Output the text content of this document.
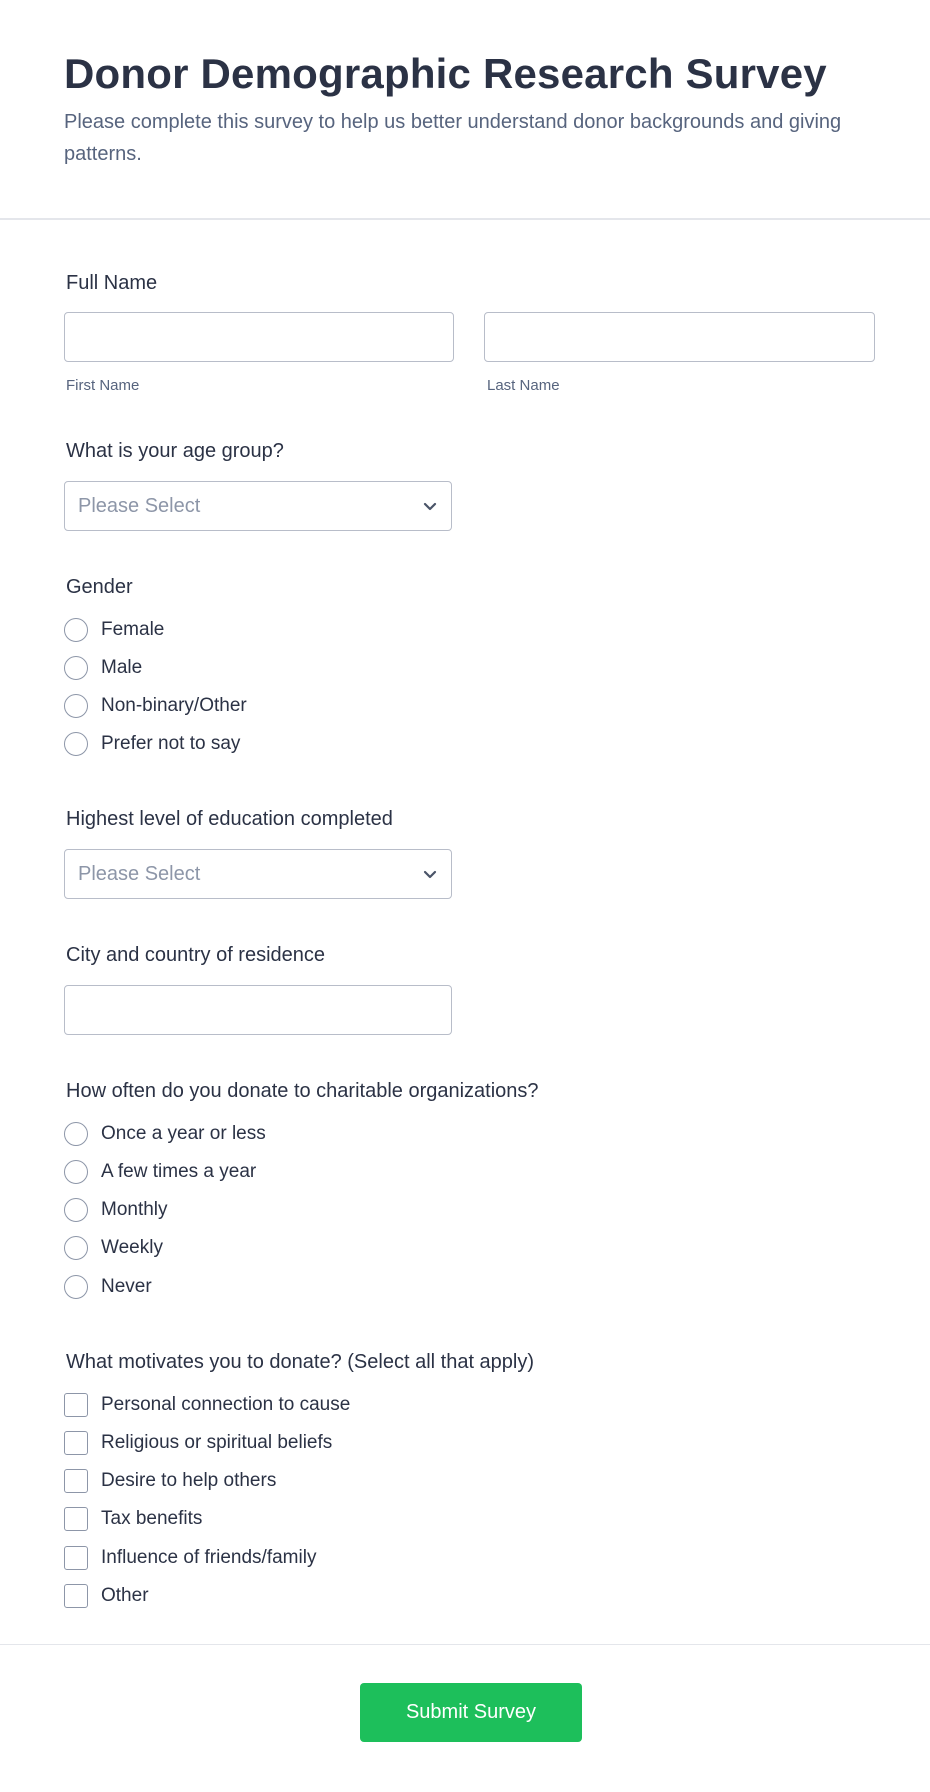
Donor Demographic Research Survey
Please complete this survey to help us better understand donor backgrounds and giving patterns.
Full Name
First Name	Last Name
What is your age group?
Please Select
Gender
Female
Male
Non-binary/Other
Prefer not to say
Highest level of education completed
Please Select
City and country of residence
How often do you donate to charitable organizations?
Once a year or less
A few times a year
Monthly
Weekly
Never
What motivates you to donate? (Select all that apply)
Personal connection to cause
Religious or spiritual beliefs
Desire to help others
Tax benefits
Influence of friends/family
Other
Submit Survey
